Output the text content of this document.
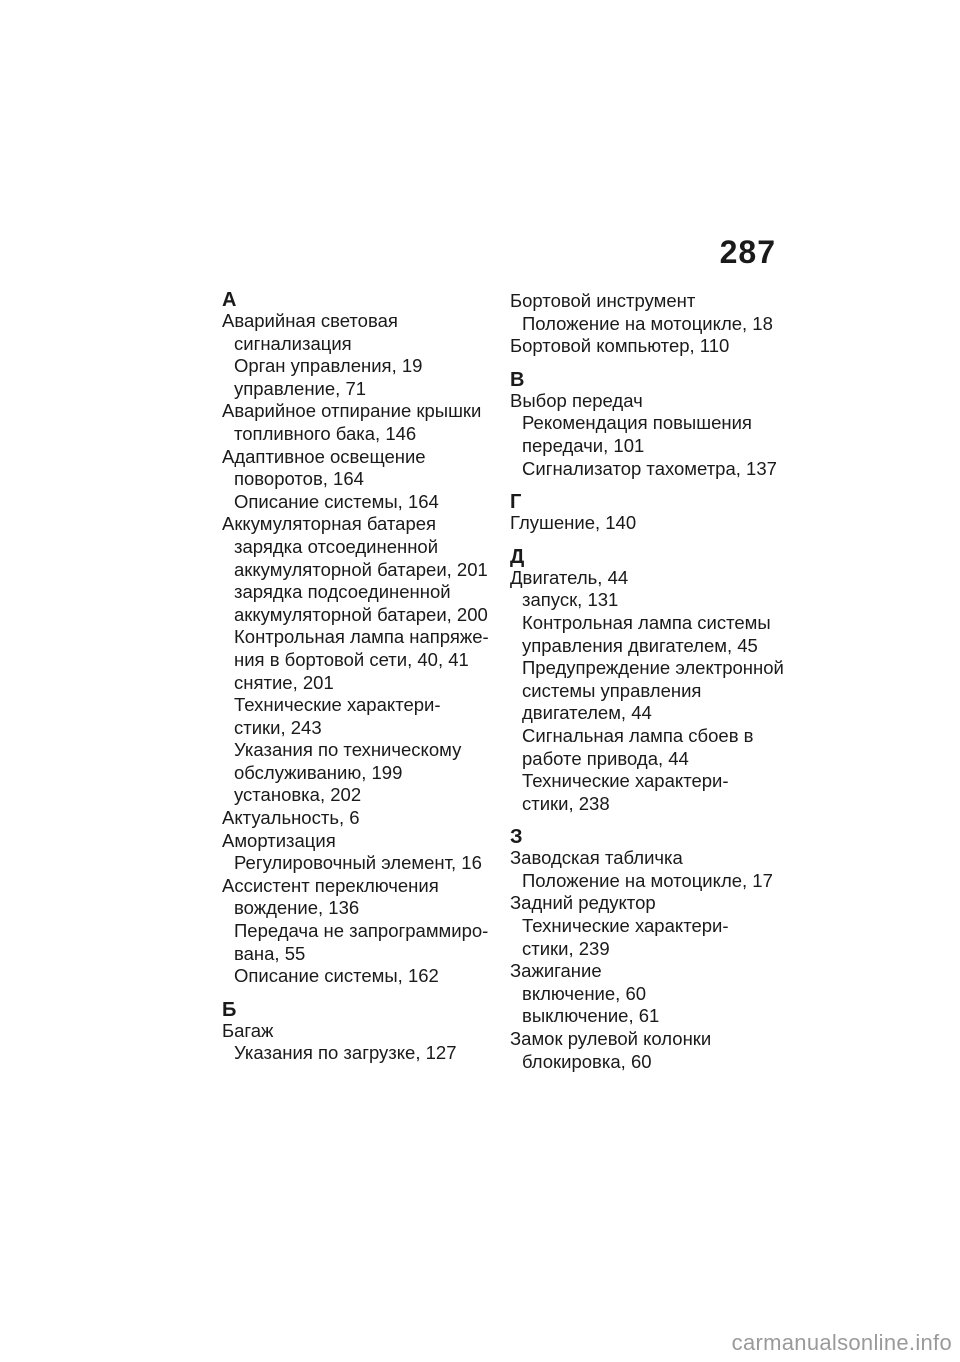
287
А
Аварийная световая
сигнализация
Орган управления, 19
управление, 71
Аварийное отпирание крышки
топливного бака, 146
Адаптивное освещение
поворотов, 164
Описание системы, 164
Аккумуляторная батарея
зарядка отсоединенной
аккумуляторной батареи, 201
зарядка подсоединенной
аккумуляторной батареи, 200
Контрольная лампа напряже-
ния в бортовой сети, 40, 41
снятие, 201
Технические характери-
стики, 243
Указания по техническому
обслуживанию, 199
установка, 202
Актуальность, 6
Амортизация
Регулировочный элемент, 16
Ассистент переключения
вождение, 136
Передача не запрограммиро-
вана, 55
Описание системы, 162
Б
Багаж
Указания по загрузке, 127
Бортовой инструмент
Положение на мотоцикле, 18
Бортовой компьютер, 110
В
Выбор передач
Рекомендация повышения
передачи, 101
Сигнализатор тахометра, 137
Г
Глушение, 140
Д
Двигатель, 44
запуск, 131
Контрольная лампа системы
управления двигателем, 45
Предупреждение электронной
системы управления
двигателем, 44
Сигнальная лампа сбоев в
работе привода, 44
Технические характери-
стики, 238
З
Заводская табличка
Положение на мотоцикле, 17
Задний редуктор
Технические характери-
стики, 239
Зажигание
включение, 60
выключение, 61
Замок рулевой колонки
блокировка, 60
carmanualsonline.info
